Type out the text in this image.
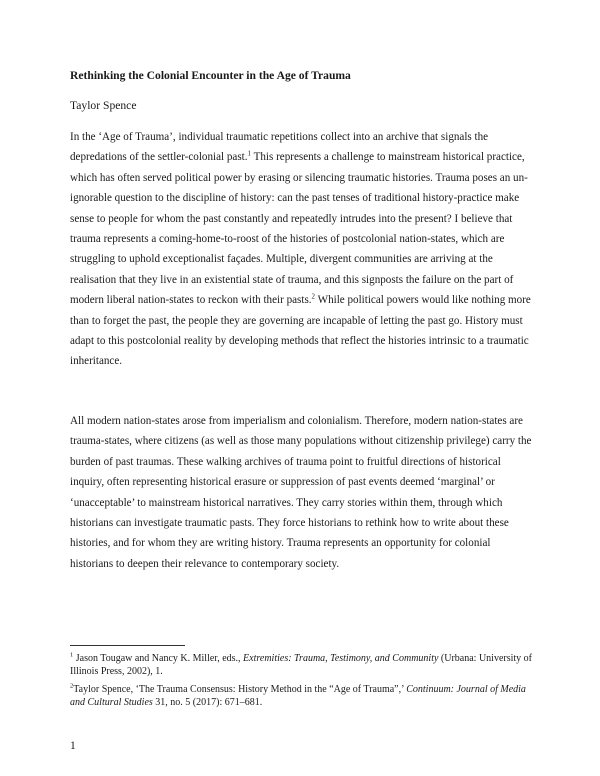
Rethinking the Colonial Encounter in the Age of Trauma
Taylor Spence
In the ‘Age of Trauma’, individual traumatic repetitions collect into an archive that signals the depredations of the settler-colonial past.$^1$ This represents a challenge to mainstream historical practice, which has often served political power by erasing or silencing traumatic histories. Trauma poses an un-ignorable question to the discipline of history: can the past tenses of traditional history-practice make sense to people for whom the past constantly and repeatedly intrudes into the present? I believe that trauma represents a coming-home-to-roost of the histories of postcolonial nation-states, which are struggling to uphold exceptionalist façades. Multiple, divergent communities are arriving at the realisation that they live in an existential state of trauma, and this signposts the failure on the part of modern liberal nation-states to reckon with their pasts.$^2$ While political powers would like nothing more than to forget the past, the people they are governing are incapable of letting the past go. History must adapt to this postcolonial reality by developing methods that reflect the histories intrinsic to a traumatic inheritance.
All modern nation-states arose from imperialism and colonialism. Therefore, modern nation-states are trauma-states, where citizens (as well as those many populations without citizenship privilege) carry the burden of past traumas. These walking archives of trauma point to fruitful directions of historical inquiry, often representing historical erasure or suppression of past events deemed ‘marginal’ or ‘unacceptable’ to mainstream historical narratives. They carry stories within them, through which historians can investigate traumatic pasts. They force historians to rethink how to write about these histories, and for whom they are writing history. Trauma represents an opportunity for colonial historians to deepen their relevance to contemporary society.
$^1$ Jason Tougaw and Nancy K. Miller, eds., Extremities: Trauma, Testimony, and Community (Urbana: University of Illinois Press, 2002), 1.
$^2$Taylor Spence, ‘The Trauma Consensus: History Method in the “Age of Trauma”,’ Continuum: Journal of Media and Cultural Studies 31, no. 5 (2017): 671–681.
1
